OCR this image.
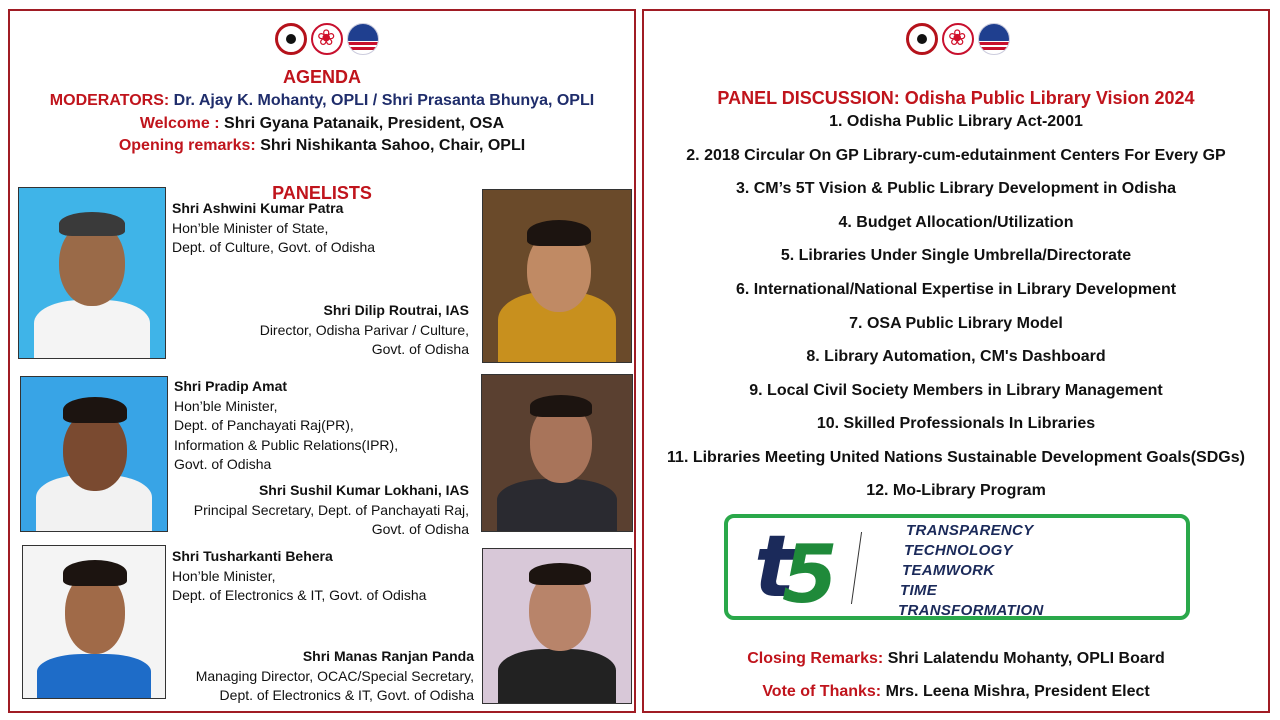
❀
AGENDA
MODERATORS: Dr. Ajay K. Mohanty, OPLI / Shri Prasanta Bhunya, OPLI
Welcome : Shri Gyana Patanaik, President, OSA
Opening remarks: Shri Nishikanta Sahoo, Chair, OPLI
PANELISTS
Shri Ashwini Kumar Patra
Hon’ble Minister of State,
Dept. of Culture, Govt. of Odisha
Shri Dilip Routrai, IAS
Director, Odisha Parivar / Culture,
Govt. of Odisha
Shri Pradip Amat
Hon’ble Minister,
Dept. of Panchayati Raj(PR),
Information & Public Relations(IPR),
Govt. of Odisha
Shri Sushil Kumar Lokhani, IAS
Principal Secretary, Dept. of Panchayati Raj,
Govt. of Odisha
Shri Tusharkanti Behera
Hon’ble Minister,
Dept. of Electronics & IT, Govt. of Odisha
Shri Manas Ranjan Panda
Managing Director, OCAC/Special Secretary,
Dept. of Electronics & IT, Govt. of Odisha
❀
PANEL DISCUSSION: Odisha Public Library Vision 2024
1. Odisha Public Library Act-2001
2. 2018 Circular On GP Library-cum-edutainment Centers For Every GP
3. CM’s 5T Vision & Public Library Development in Odisha
4. Budget Allocation/Utilization
5. Libraries Under Single Umbrella/Directorate
6. International/National Expertise in Library Development
7. OSA Public Library Model
8. Library Automation, CM's Dashboard
9. Local Civil Society Members in Library Management
10. Skilled Professionals In Libraries
11. Libraries Meeting United Nations Sustainable Development Goals(SDGs)
12. Mo-Library Program
t
5	TRANSPARENCY
TECHNOLOGY
TEAMWORK
TIME
TRANSFORMATION
Closing Remarks: Shri Lalatendu Mohanty, OPLI Board
Vote of Thanks: Mrs. Leena Mishra, President Elect
